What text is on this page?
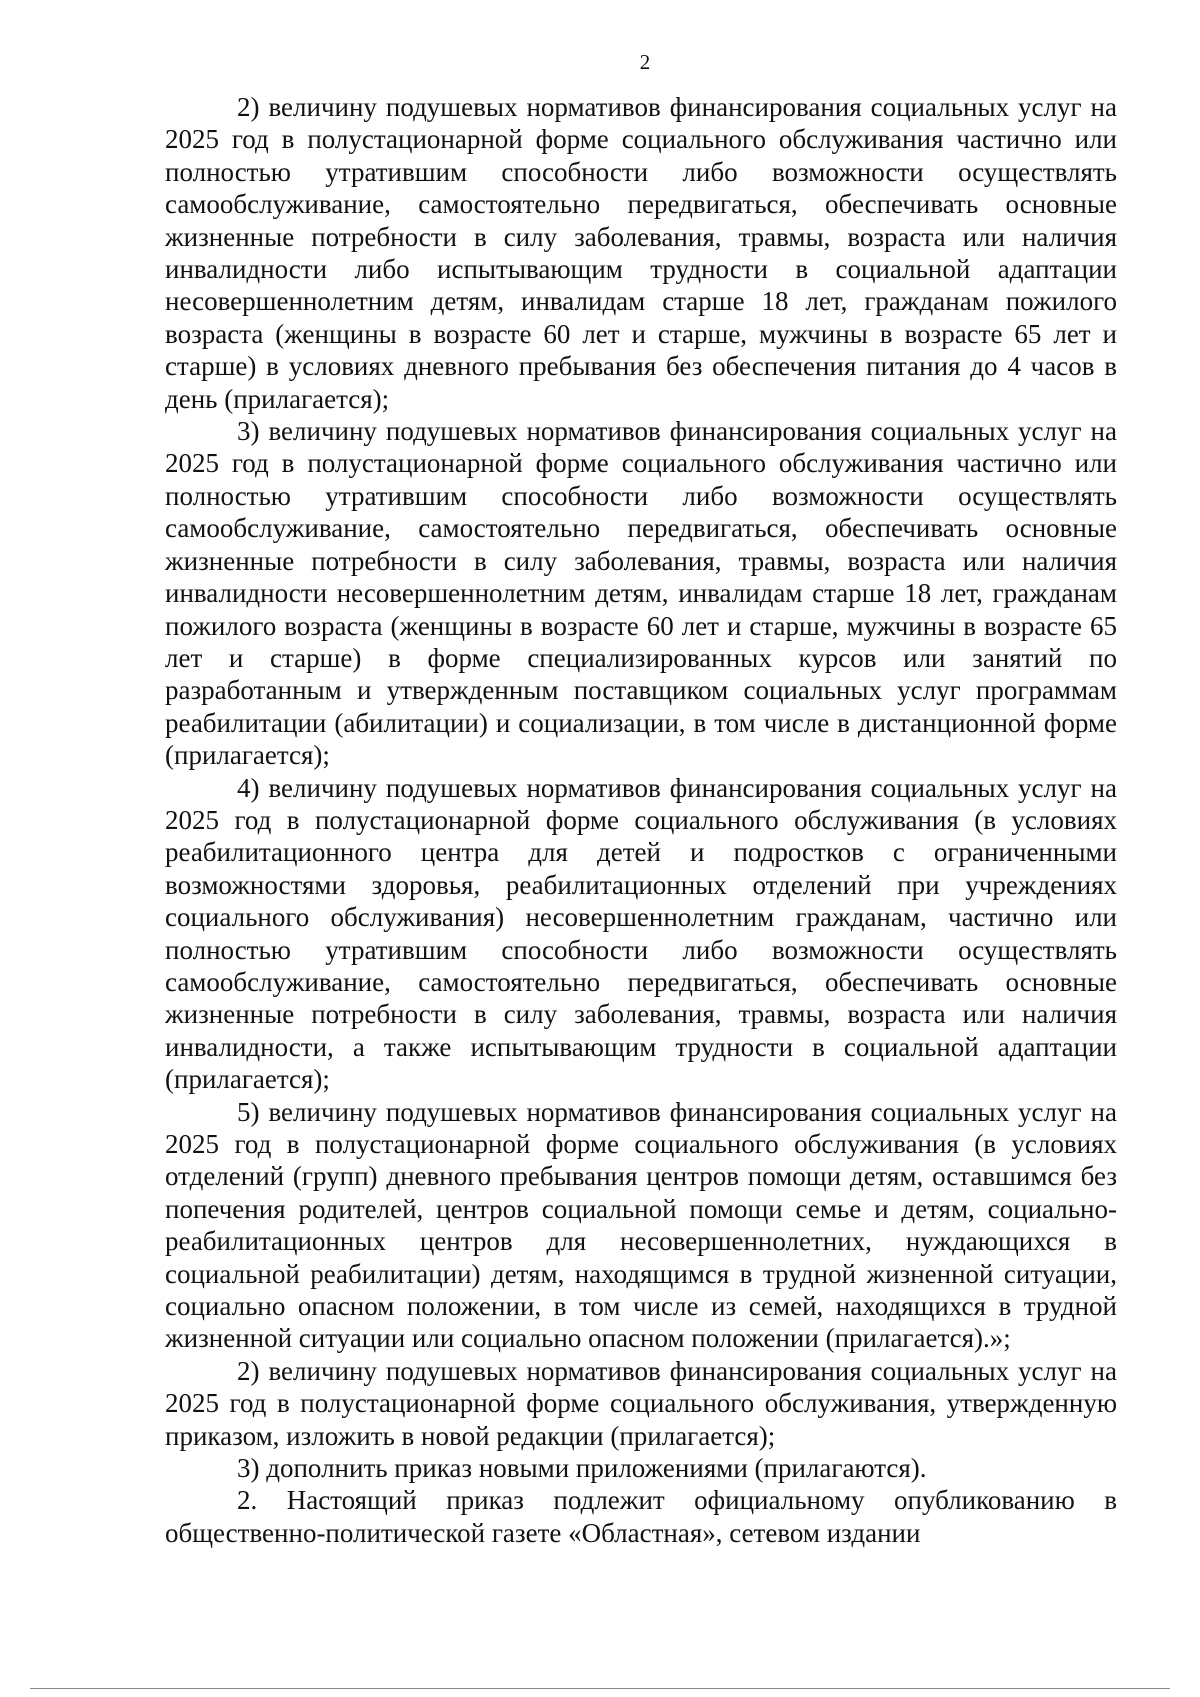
2

2) величину подушевых нормативов финансирования социальных услуг на 2025 год в полустационарной форме социального обслуживания частично или полностью утратившим способности либо возможности осуществлять самообслуживание, самостоятельно передвигаться, обеспечивать основные жизненные потребности в силу заболевания, травмы, возраста или наличия инвалидности либо испытывающим трудности в социальной адаптации несовершеннолетним детям, инвалидам старше 18 лет, гражданам пожилого возраста (женщины в возрасте 60 лет и старше, мужчины в возрасте 65 лет и старше) в условиях дневного пребывания без обеспечения питания до 4 часов в день (прилагается);

3) величину подушевых нормативов финансирования социальных услуг на 2025 год в полустационарной форме социального обслуживания частично или полностью утратившим способности либо возможности осуществлять самообслуживание, самостоятельно передвигаться, обеспечивать основные жизненные потребности в силу заболевания, травмы, возраста или наличия инвалидности несовершеннолетним детям, инвалидам старше 18 лет, гражданам пожилого возраста (женщины в возрасте 60 лет и старше, мужчины в возрасте 65 лет и старше) в форме специализированных курсов или занятий по разработанным и утвержденным поставщиком социальных услуг программам реабилитации (абилитации) и социализации, в том числе в дистанционной форме (прилагается);

4) величину подушевых нормативов финансирования социальных услуг на 2025 год в полустационарной форме социального обслуживания (в условиях реабилитационного центра для детей и подростков с ограниченными возможностями здоровья, реабилитационных отделений при учреждениях социального обслуживания) несовершеннолетним гражданам, частично или полностью утратившим способности либо возможности осуществлять самообслуживание, самостоятельно передвигаться, обеспечивать основные жизненные потребности в силу заболевания, травмы, возраста или наличия инвалидности, а также испытывающим трудности в социальной адаптации (прилагается);

5) величину подушевых нормативов финансирования социальных услуг на 2025 год в полустационарной форме социального обслуживания (в условиях отделений (групп) дневного пребывания центров помощи детям, оставшимся без попечения родителей, центров социальной помощи семье и детям, социально-реабилитационных центров для несовершеннолетних, нуждающихся в социальной реабилитации) детям, находящимся в трудной жизненной ситуации, социально опасном положении, в том числе из семей, находящихся в трудной жизненной ситуации или социально опасном положении (прилагается).»;

2) величину подушевых нормативов финансирования социальных услуг на 2025 год в полустационарной форме социального обслуживания, утвержденную приказом, изложить в новой редакции (прилагается);

3) дополнить приказ новыми приложениями (прилагаются).

2. Настоящий приказ подлежит официальному опубликованию в общественно-политической газете «Областная», сетевом издании
